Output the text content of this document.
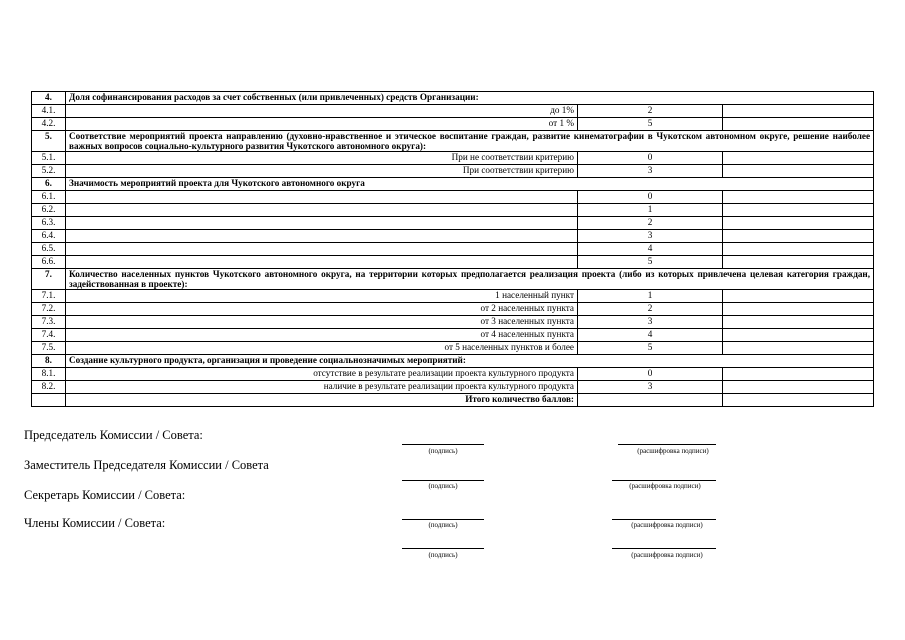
4.	Доля софинансирования расходов за счет собственных (или привлеченных) средств Организации:		
4.1.	до 1%	2	
4.2.	от 1 %	5	
5.	Соответствие мероприятий проекта направлению (духовно-нравственное и этическое воспитание граждан, развитие кинематографии в Чукотском автономном округе, решение наиболее важных вопросов социально-культурного развития Чукотского автономного округа):		
5.1.	При не соответствии критерию	0	
5.2.	При соответствии критерию	3	
6.	Значимость мероприятий проекта для Чукотского автономного округа		
6.1.		0	
6.2.		1	
6.3.		2	
6.4.		3	
6.5.		4	
6.6.		5	
7.	Количество населенных пунктов Чукотского автономного округа, на территории которых предполагается реализация проекта (либо из которых привлечена целевая категория граждан, задействованная в проекте):		
7.1.	1 населенный пункт	1	
7.2.	от 2 населенных пункта	2	
7.3.	от 3 населенных пункта	3	
7.4.	от 4 населенных пункта	4	
7.5.	от 5 населенных пунктов и более	5	
8.	Создание культурного продукта, организация и проведение социальнозначимых мероприятий:		
8.1.	отсутствие в результате реализации проекта культурного продукта	0	
8.2.	наличие в результате реализации проекта культурного продукта	3	
	Итого количество баллов:		
Председатель Комиссии / Совета:
Заместитель Председателя Комиссии / Совета
Секретарь Комиссии / Совета:
Члены Комиссии / Совета:
(подпись)	(расшифровка подписи)
(подпись)	(расшифровка подписи)
(подпись)	(расшифровка подписи)
(подпись)	(расшифровка подписи)
